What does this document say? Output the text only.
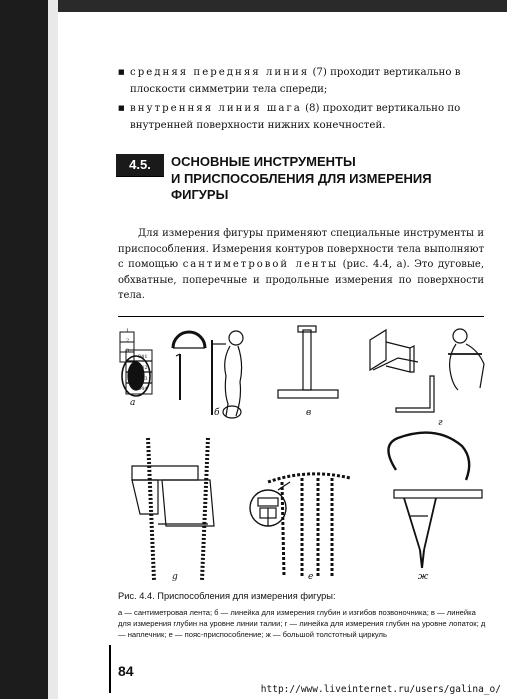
■ средняя передняя линия (7) проходит вертикально в плоскости симметрии тела спереди;
■ внутренняя линия шага (8) проходит вертикально по внутренней поверхности нижних конечностей.
4.5.	ОСНОВНЫЕ ИНСТРУМЕНТЫ
И ПРИСПОСОБЛЕНИЯ ДЛЯ ИЗМЕРЕНИЯ
ФИГУРЫ
Для измерения фигуры применяют специальные инструменты и приспособления. Измерения контуров поверхности тела выполняют с помощью сантиметровой ленты (рис. 4.4, а). Это дуговые, обхватные, поперечные и продольные измерения по поверхности тела.
а
б	в
г
g	е	ж
1
2
3
341
342
343
344
Рис. 4.4. Приспособления для измерения фигуры:
а — сантиметровая лента; б — линейка для измерения глубин и изгибов позвоночника; в — линейка для измерения глубин на уровне линии талии; г — линейка для измерения глубин на уровне лопаток; д — наплечник; е — пояс-приспособление; ж — большой толстотный циркуль
84
http://www.liveinternet.ru/users/galina_o/
